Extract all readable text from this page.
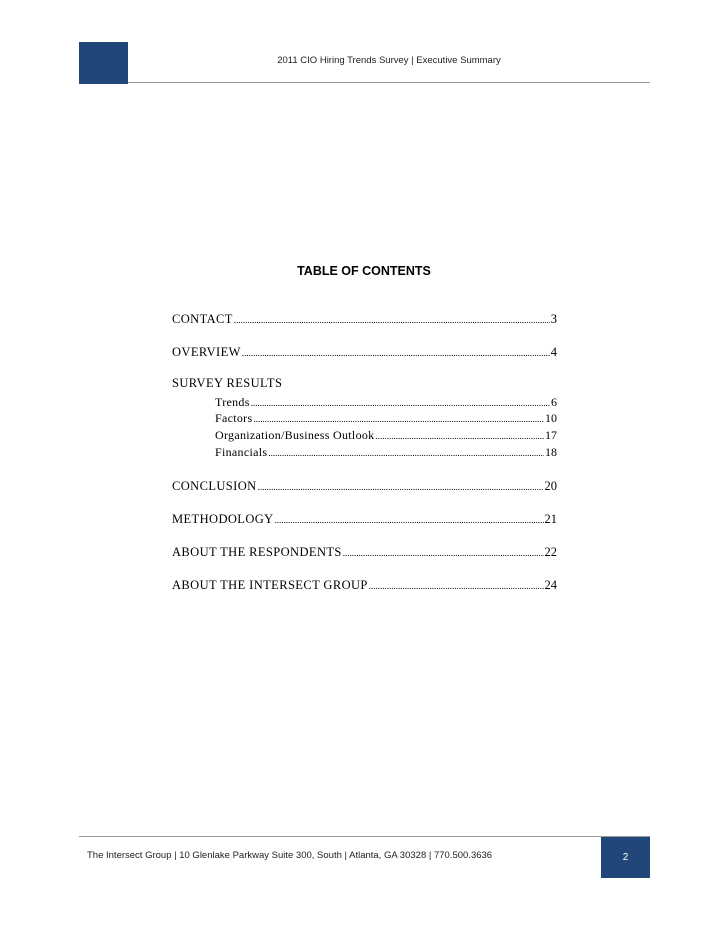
2011 CIO Hiring Trends Survey | Executive Summary
TABLE OF CONTENTS
CONTACT .....	3
OVERVIEW .....	4
SURVEY RESULTS
Trends .....	6
Factors .....	10
Organization/Business Outlook .....	17
Financials .....	18
CONCLUSION .....	20
METHODOLOGY .....	21
ABOUT THE RESPONDENTS .....	22
ABOUT THE INTERSECT GROUP .....	24
The Intersect Group | 10 Glenlake Parkway Suite 300, South | Atlanta, GA 30328 | 770.500.3636	2
